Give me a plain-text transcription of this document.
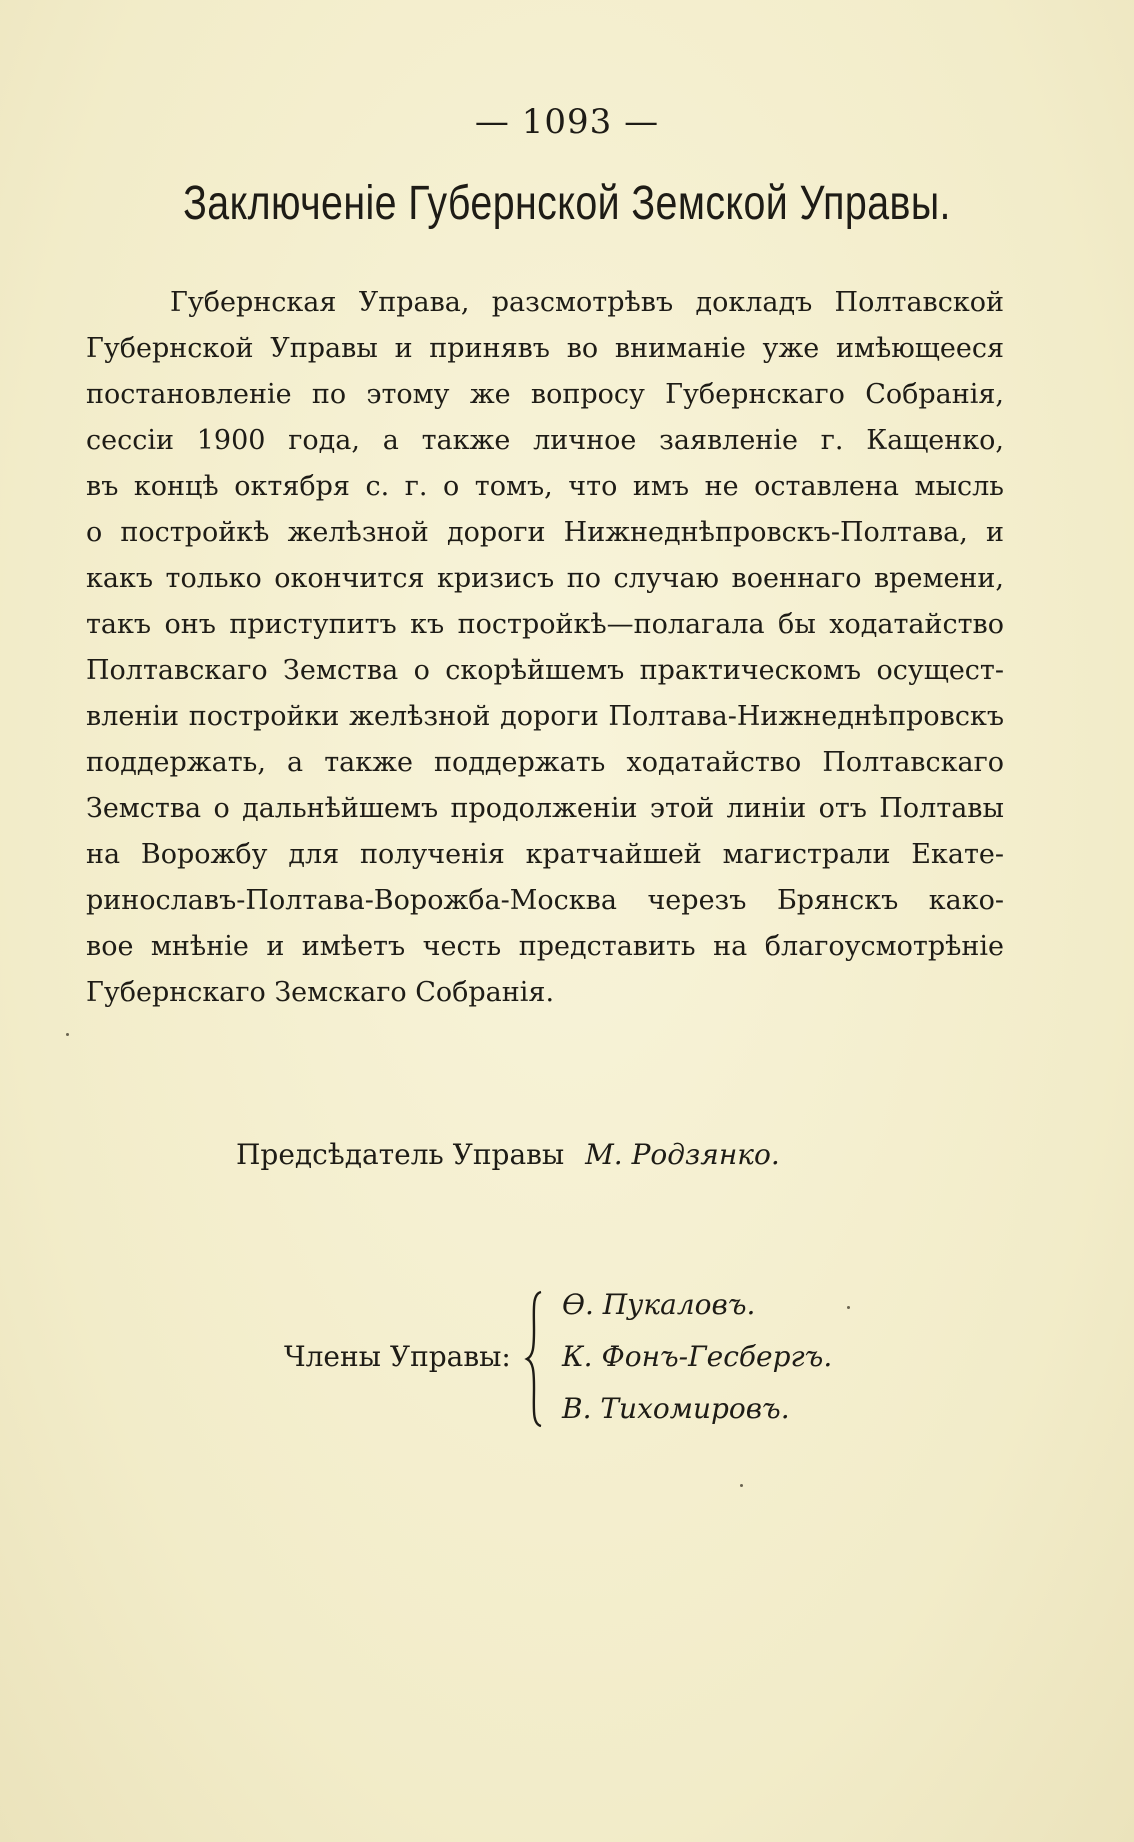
— 1093 —
Заключеніе Губернской Земской Управы.
Губернская Управа, разсмотрѣвъ докладъ Полтавской
Губернской Управы и принявъ во вниманіе уже имѣющееся
постановленіе по этому же вопросу Губернскаго Собранія,
сессіи 1900 года, а также личное заявленіе г. Кащенко,
въ концѣ октября с. г. о томъ, что имъ не оставлена мысль
о постройкѣ желѣзной дороги Нижнеднѣпровскъ-Полтава, и
какъ только окончится кризисъ по случаю военнаго времени,
такъ онъ приступитъ къ постройкѣ—полагала бы ходатайство
Полтавскаго Земства о скорѣйшемъ практическомъ осущест-
вленіи постройки желѣзной дороги Полтава-Нижнеднѣпровскъ
поддержать, а также поддержать ходатайство Полтавскаго
Земства о дальнѣйшемъ продолженіи этой линіи отъ Полтавы
на Ворожбу для полученія кратчайшей магистрали Екате-
ринославъ-Полтава-Ворожба-Москва черезъ Брянскъ како-
вое мнѣніе и имѣетъ честь представить на благоусмотрѣніе
Губернскаго Земскаго Собранія.
Предсѣдатель Управы М. Родзянко.
Члены Управы:
Ѳ. Пукаловъ.
К. Фонъ-Гесбергъ.
В. Тихомировъ.
